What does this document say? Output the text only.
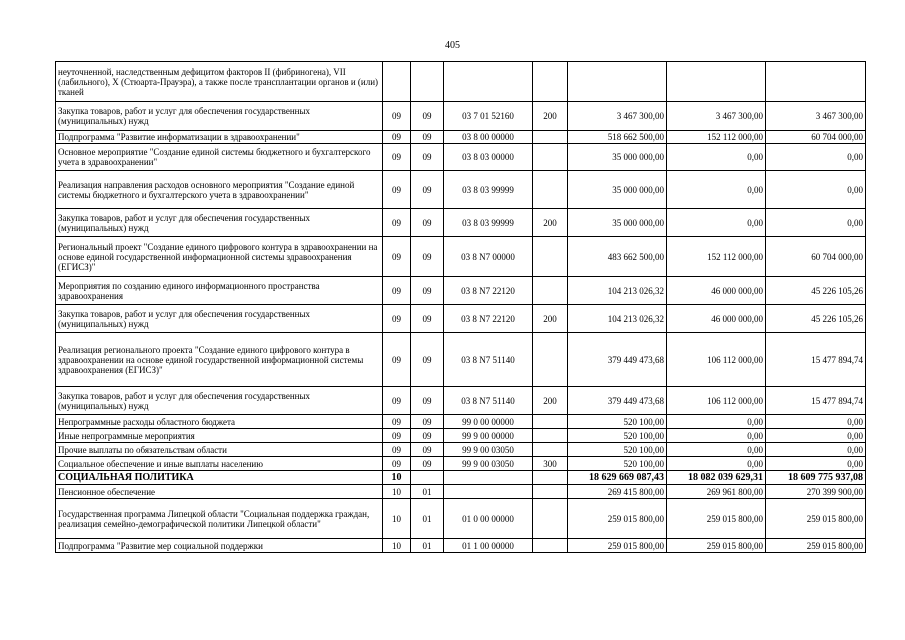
405
неуточненной, наследственным дефицитом факторов II (фибриногена), VII (лабильного), X (Стюарта-Прауэра), а также после трансплантации органов и (или) тканей							
Закупка товаров, работ и услуг для обеспечения государственных (муниципальных) нужд	09	09	03 7 01 52160	200	3 467 300,00	3 467 300,00	3 467 300,00
Подпрограмма "Развитие информатизации в здравоохранении"	09	09	03 8 00 00000		518 662 500,00	152 112 000,00	60 704 000,00
Основное мероприятие "Создание единой системы бюджетного и бухгалтерского учета в здравоохранении"	09	09	03 8 03 00000		35 000 000,00	0,00	0,00
Реализация направления расходов основного мероприятия "Создание единой системы бюджетного и бухгалтерского учета в здравоохранении"	09	09	03 8 03 99999		35 000 000,00	0,00	0,00
Закупка товаров, работ и услуг для обеспечения государственных (муниципальных) нужд	09	09	03 8 03 99999	200	35 000 000,00	0,00	0,00
Региональный проект "Создание единого цифрового контура в здравоохранении на основе единой государственной информационной системы здравоохранения (ЕГИСЗ)"	09	09	03 8 N7 00000		483 662 500,00	152 112 000,00	60 704 000,00
Мероприятия по созданию единого информационного пространства здравоохранения	09	09	03 8 N7 22120		104 213 026,32	46 000 000,00	45 226 105,26
Закупка товаров, работ и услуг для обеспечения государственных (муниципальных) нужд	09	09	03 8 N7 22120	200	104 213 026,32	46 000 000,00	45 226 105,26
Реализация регионального проекта "Создание единого цифрового контура в здравоохранении на основе единой государственной информационной системы здравоохранения (ЕГИСЗ)"	09	09	03 8 N7 51140		379 449 473,68	106 112 000,00	15 477 894,74
Закупка товаров, работ и услуг для обеспечения государственных (муниципальных) нужд	09	09	03 8 N7 51140	200	379 449 473,68	106 112 000,00	15 477 894,74
Непрограммные расходы областного бюджета	09	09	99 0 00 00000		520 100,00	0,00	0,00
Иные непрограммные мероприятия	09	09	99 9 00 00000		520 100,00	0,00	0,00
Прочие выплаты по обязательствам области	09	09	99 9 00 03050		520 100,00	0,00	0,00
Социальное обеспечение и иные выплаты населению	09	09	99 9 00 03050	300	520 100,00	0,00	0,00
СОЦИАЛЬНАЯ ПОЛИТИКА	10				18 629 669 087,43	18 082 039 629,31	18 609 775 937,08
Пенсионное обеспечение	10	01			269 415 800,00	269 961 800,00	270 399 900,00
Государственная программа Липецкой области "Социальная поддержка граждан, реализация семейно-демографической политики Липецкой области"	10	01	01 0 00 00000		259 015 800,00	259 015 800,00	259 015 800,00
Подпрограмма "Развитие мер социальной поддержки	10	01	01 1 00 00000		259 015 800,00	259 015 800,00	259 015 800,00
